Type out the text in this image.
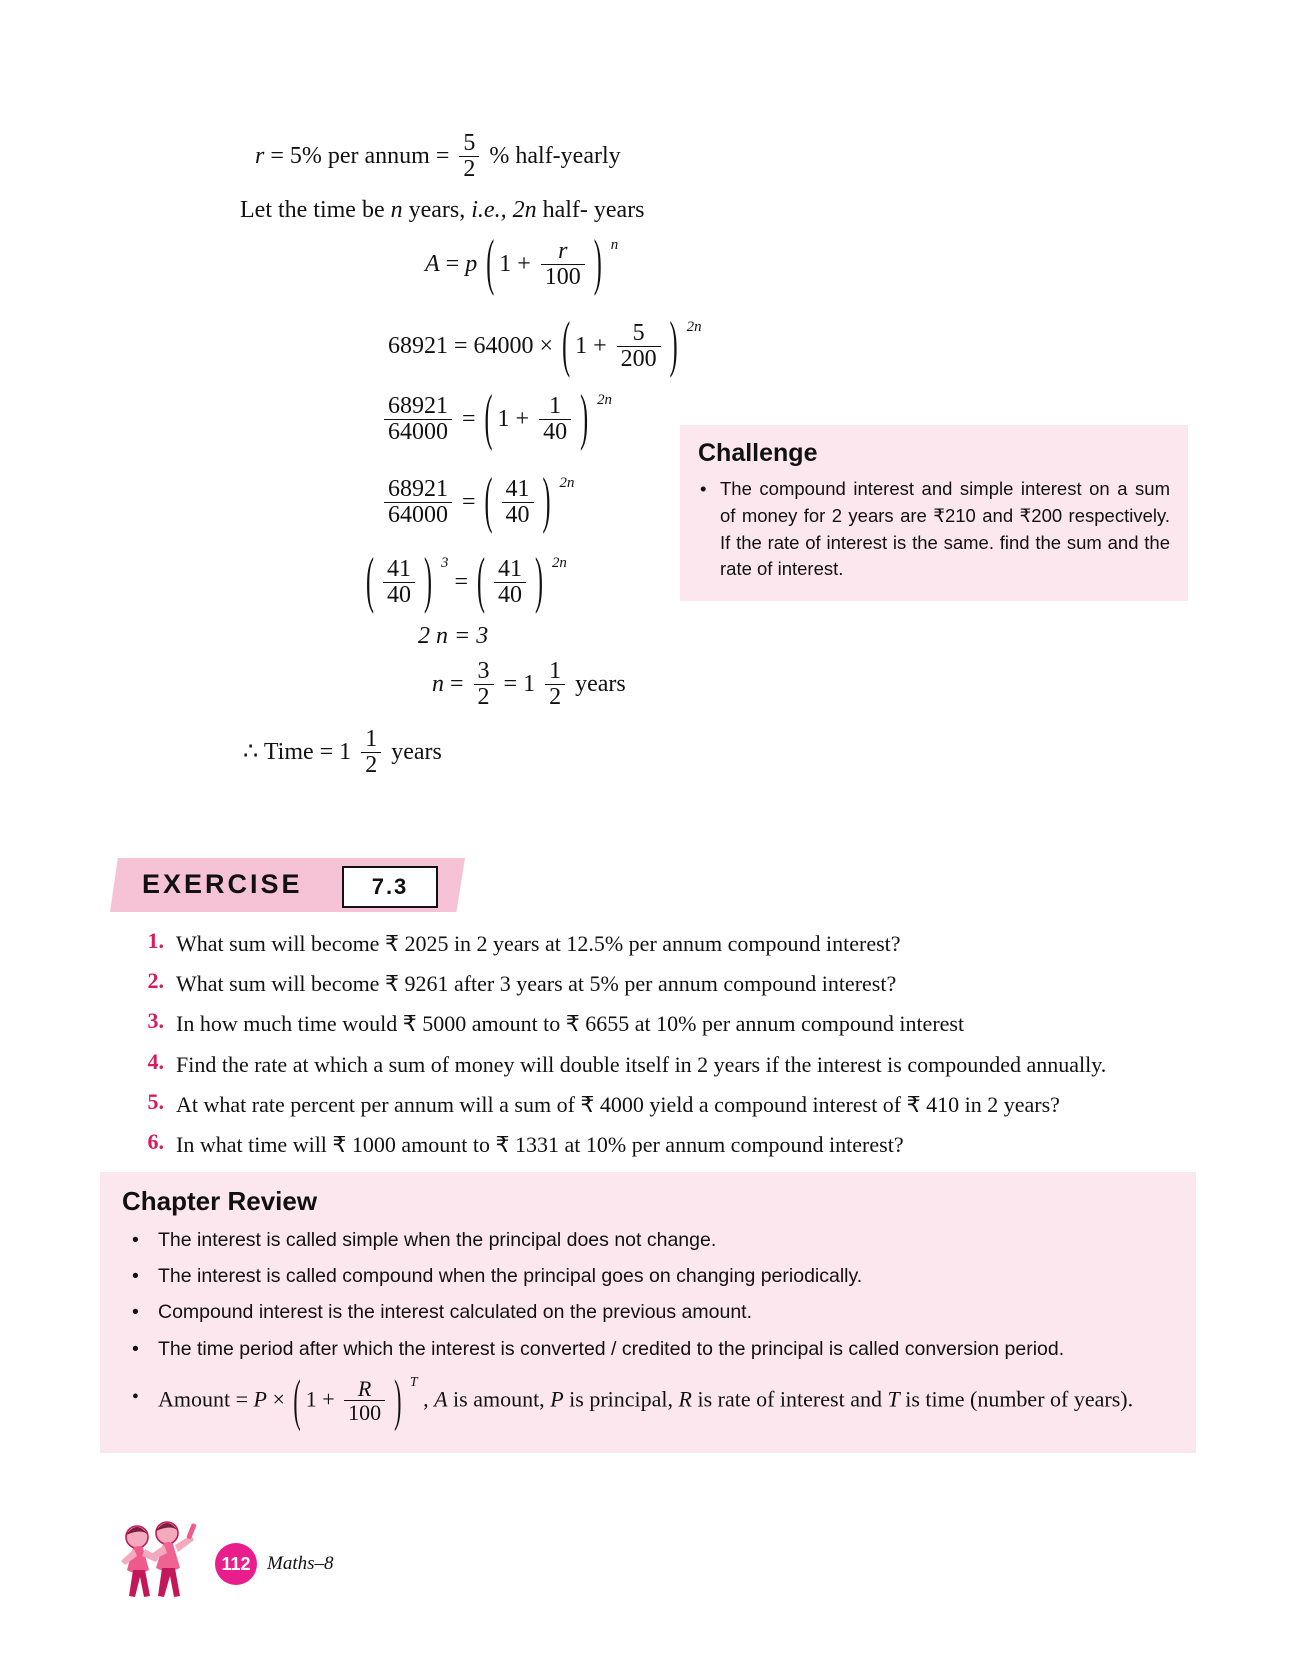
r = 5% per annum = $\frac{5}{2}$ % half-yearly
Let the time be n years, i.e., 2n half- years
A = p ( $1 + \frac{r}{100}$ ) $^n$
68921 = 64000 × ( $1 + \frac{5}{200}$ ) $^{2n}$
$\frac{68921}{64000}$ = ( $1 + \frac{1}{40}$ ) $^{2n}$
$\frac{68921}{64000}$ = ( $\frac{41}{40}$ ) $^{2n}$
( $\frac{41}{40}$ ) $^3$ = ( $\frac{41}{40}$ ) $^{2n}$
2 n = 3
$n = \frac{3}{2} = 1 \frac{1}{2}$ years
∴ Time = $1 \frac{1}{2}$ years
Challenge
• The compound interest and simple interest on a sum of money for 2 years are ₹210 and ₹200 respectively. If the rate of interest is the same. find the sum and the rate of interest.
EXERCISE	7.3
1. What sum will become ₹ 2025 in 2 years at 12.5% per annum compound interest?
2. What sum will become ₹ 9261 after 3 years at 5% per annum compound interest?
3. In how much time would ₹ 5000 amount to ₹ 6655 at 10% per annum compound interest
4. Find the rate at which a sum of money will double itself in 2 years if the interest is compounded annually.
5. At what rate percent per annum will a sum of ₹ 4000 yield a compound interest of ₹ 410 in 2 years?
6. In what time will ₹ 1000 amount to ₹ 1331 at 10% per annum compound interest?
Chapter Review
• The interest is called simple when the principal does not change.
• The interest is called compound when the principal goes on changing periodically.
• Compound interest is the interest calculated on the previous amount.
• The time period after which the interest is converted / credited to the principal is called conversion period.
• Amount = P × ( $1 + \frac{R}{100}$ ) $^T$ , A is amount, P is principal, R is rate of interest and T is time (number of years).
112 Maths–8
